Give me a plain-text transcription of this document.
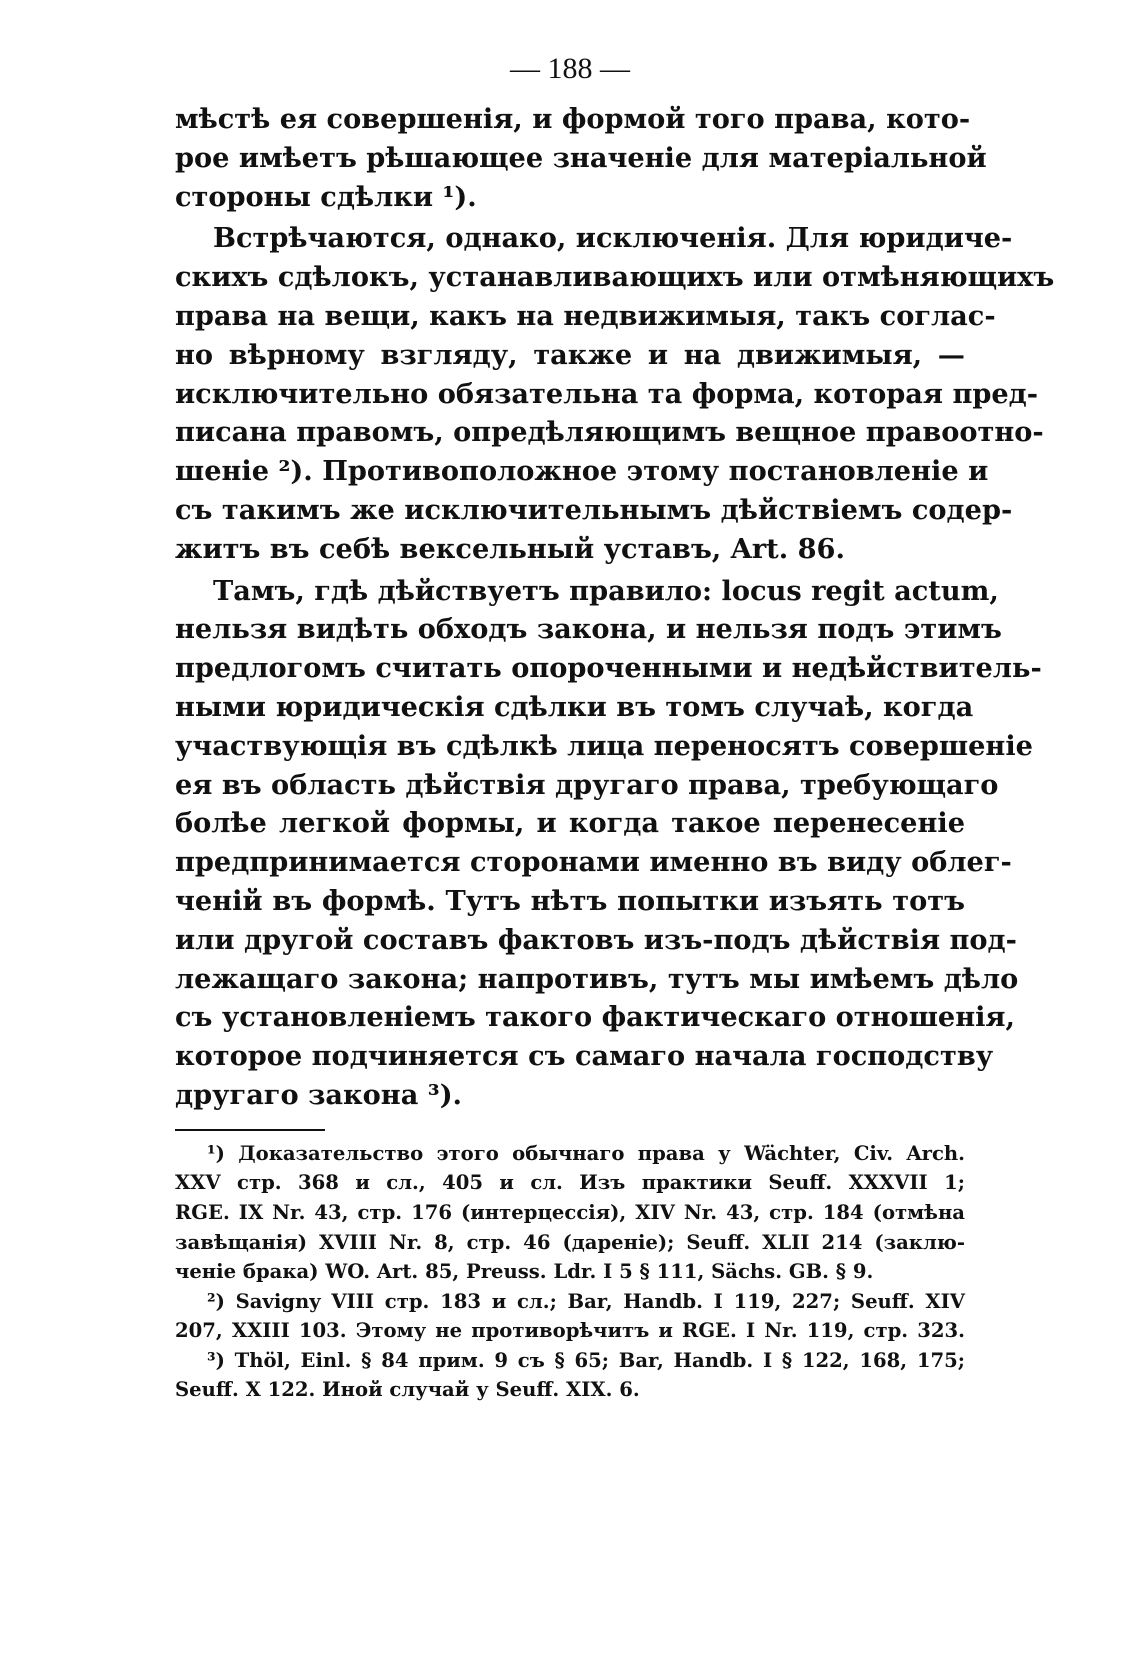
— 188 —
мѣстѣ ея совершенія, и формой того права, кото-
рое имѣетъ рѣшающее значеніе для матеріальной
стороны сдѣлки ¹).
Встрѣчаются, однако, исключенія. Для юридиче-
скихъ сдѣлокъ, устанавливающихъ или отмѣняющихъ
права на вещи, какъ на недвижимыя, такъ соглас-
но вѣрному взгляду, также и на движимыя, —
исключительно обязательна та форма, которая пред-
писана правомъ, опредѣляющимъ вещное правоотно-
шеніе ²). Противоположное этому постановленіе и
съ такимъ же исключительнымъ дѣйствіемъ содер-
житъ въ себѣ вексельный уставъ, Art. 86.
Тамъ, гдѣ дѣйствуетъ правило: locus regit actum,
нельзя видѣть обходъ закона, и нельзя подъ этимъ
предлогомъ считать опороченными и недѣйствитель-
ными юридическія сдѣлки въ томъ случаѣ, когда
участвующія въ сдѣлкѣ лица переносятъ совершеніе
ея въ область дѣйствія другаго права, требующаго
болѣе легкой формы, и когда такое перенесеніе
предпринимается сторонами именно въ виду облег-
ченій въ формѣ. Тутъ нѣтъ попытки изъять тотъ
или другой составъ фактовъ изъ-подъ дѣйствія под-
лежащаго закона; напротивъ, тутъ мы имѣемъ дѣло
съ установленіемъ такого фактическаго отношенія,
которое подчиняется съ самаго начала господству
другаго закона ³).
¹) Доказательство этого обычнаго права у Wächter, Civ. Arch.
XXV стр. 368 и сл., 405 и сл. Изъ практики Seuff. XXXVII 1;
RGE. IX Nr. 43, стр. 176 (интерцессія), XIV Nr. 43, стр. 184 (отмѣна
завѣщанія) XVIII Nr. 8, стр. 46 (дареніе); Seuff. XLII 214 (заклю-
ченіе брака) WO. Art. 85, Preuss. Ldr. I 5 § 111, Sächs. GB. § 9.
²) Savigny VIII стр. 183 и сл.; Bar, Handb. I 119, 227; Seuff. XIV
207, XXIII 103. Этому не противорѣчитъ и RGE. I Nr. 119, стр. 323.
³) Thöl, Einl. § 84 прим. 9 съ § 65; Bar, Handb. I § 122, 168, 175;
Seuff. X 122. Иной случай у Seuff. XIX. 6.
